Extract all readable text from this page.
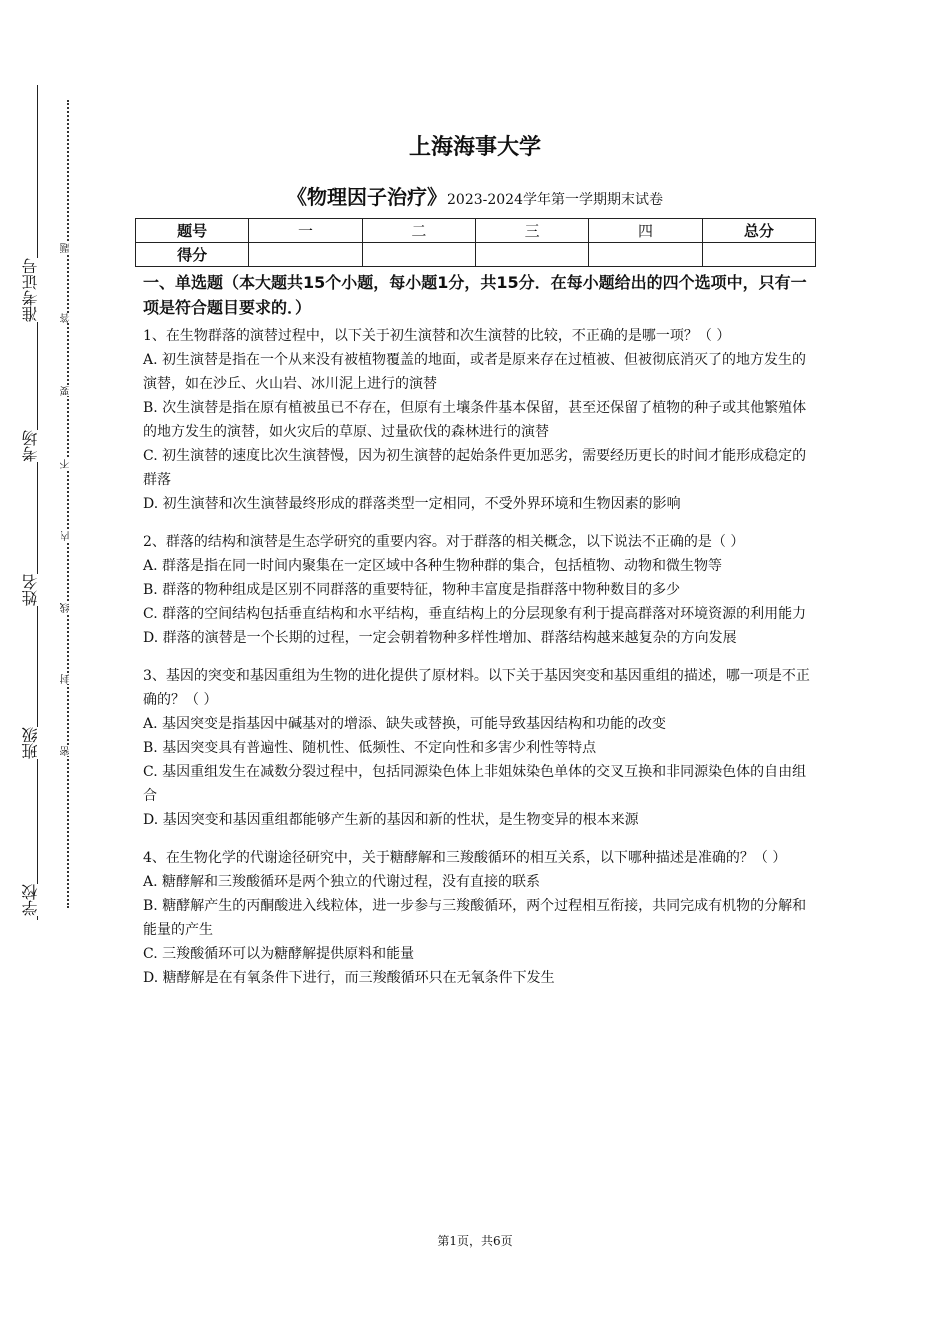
准考证号
考场
姓名
班级
学校
题
答
要
不
内
线
封
密
上海海事大学
《物理因子治疗》2023-2024学年第一学期期末试卷
题号	一	二	三	四	总分
得分					
一、单选题（本大题共15个小题，每小题1分，共15分．在每小题给出的四个选项中，只有一项是符合题目要求的．）

1、在生物群落的演替过程中，以下关于初生演替和次生演替的比较，不正确的是哪一项？（ ）

A. 初生演替是指在一个从来没有被植物覆盖的地面，或者是原来存在过植被、但被彻底消灭了的地方发生的演替，如在沙丘、火山岩、冰川泥上进行的演替

B. 次生演替是指在原有植被虽已不存在，但原有土壤条件基本保留，甚至还保留了植物的种子或其他繁殖体的地方发生的演替，如火灾后的草原、过量砍伐的森林进行的演替

C. 初生演替的速度比次生演替慢，因为初生演替的起始条件更加恶劣，需要经历更长的时间才能形成稳定的群落

D. 初生演替和次生演替最终形成的群落类型一定相同，不受外界环境和生物因素的影响

2、群落的结构和演替是生态学研究的重要内容。对于群落的相关概念，以下说法不正确的是（ ）

A. 群落是指在同一时间内聚集在一定区域中各种生物种群的集合，包括植物、动物和微生物等

B. 群落的物种组成是区别不同群落的重要特征，物种丰富度是指群落中物种数目的多少

C. 群落的空间结构包括垂直结构和水平结构，垂直结构上的分层现象有利于提高群落对环境资源的利用能力

D. 群落的演替是一个长期的过程，一定会朝着物种多样性增加、群落结构越来越复杂的方向发展

3、基因的突变和基因重组为生物的进化提供了原材料。以下关于基因突变和基因重组的描述，哪一项是不正确的？（ ）

A. 基因突变是指基因中碱基对的增添、缺失或替换，可能导致基因结构和功能的改变

B. 基因突变具有普遍性、随机性、低频性、不定向性和多害少利性等特点

C. 基因重组发生在减数分裂过程中，包括同源染色体上非姐妹染色单体的交叉互换和非同源染色体的自由组合

D. 基因突变和基因重组都能够产生新的基因和新的性状，是生物变异的根本来源

4、在生物化学的代谢途径研究中，关于糖酵解和三羧酸循环的相互关系，以下哪种描述是准确的？（ ）

A. 糖酵解和三羧酸循环是两个独立的代谢过程，没有直接的联系

B. 糖酵解产生的丙酮酸进入线粒体，进一步参与三羧酸循环，两个过程相互衔接，共同完成有机物的分解和能量的产生

C. 三羧酸循环可以为糖酵解提供原料和能量

D. 糖酵解是在有氧条件下进行，而三羧酸循环只在无氧条件下发生

第1页，共6页
